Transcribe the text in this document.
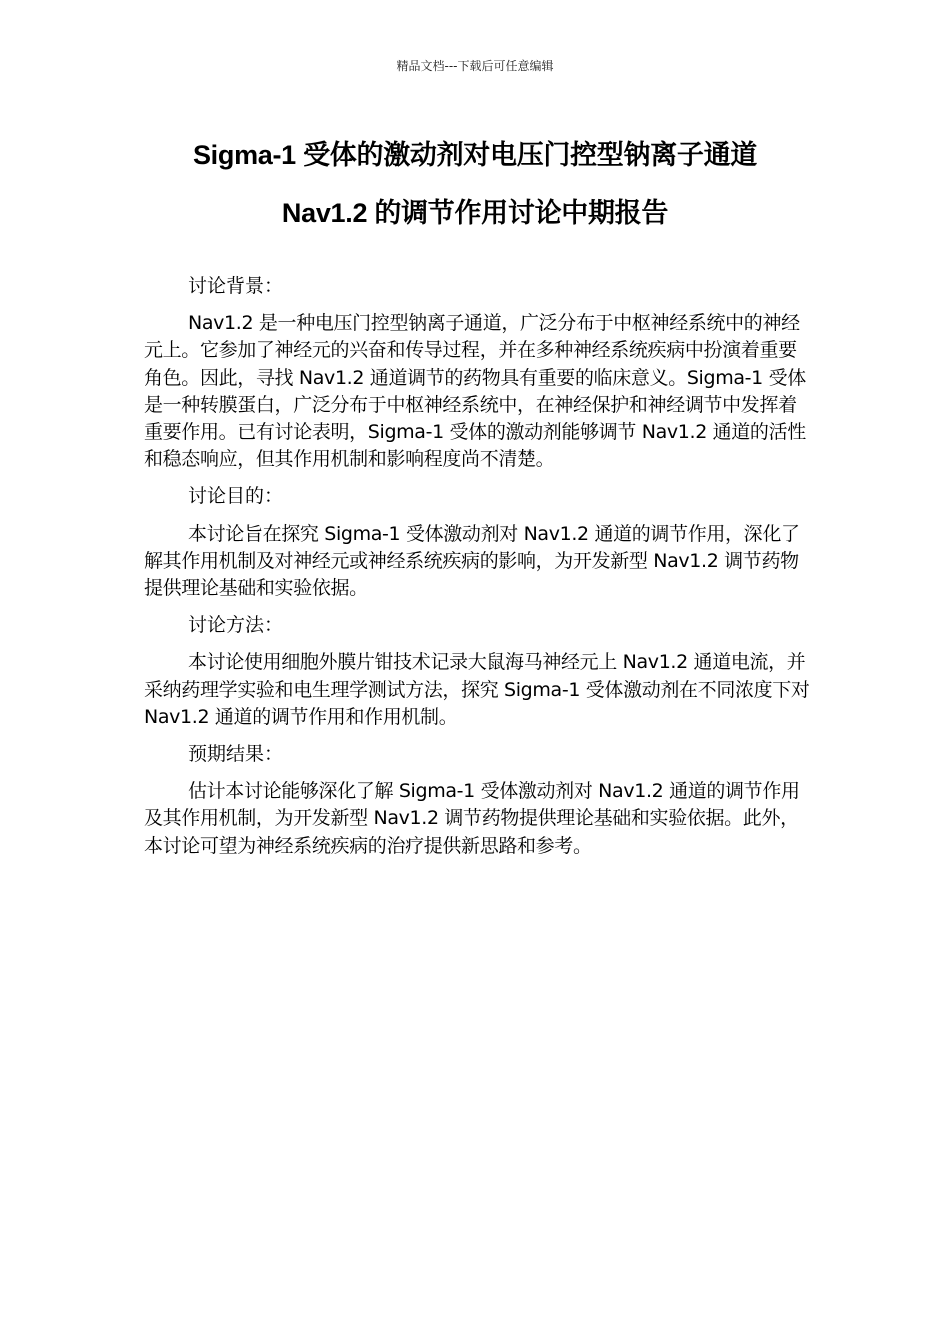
精品文档---下载后可任意编辑
Sigma-1 受体的激动剂对电压门控型钠离子通道
Nav1.2 的调节作用讨论中期报告

讨论背景：

Nav1.2 是一种电压门控型钠离子通道，广泛分布于中枢神经系统中的神经元上。它参加了神经元的兴奋和传导过程，并在多种神经系统疾病中扮演着重要角色。因此，寻找 Nav1.2 通道调节的药物具有重要的临床意义。Sigma-1 受体是一种转膜蛋白，广泛分布于中枢神经系统中，在神经保护和神经调节中发挥着重要作用。已有讨论表明，Sigma-1 受体的激动剂能够调节 Nav1.2 通道的活性和稳态响应，但其作用机制和影响程度尚不清楚。

讨论目的：

本讨论旨在探究 Sigma-1 受体激动剂对 Nav1.2 通道的调节作用，深化了解其作用机制及对神经元或神经系统疾病的影响，为开发新型 Nav1.2 调节药物提供理论基础和实验依据。

讨论方法：

本讨论使用细胞外膜片钳技术记录大鼠海马神经元上 Nav1.2 通道电流，并采纳药理学实验和电生理学测试方法，探究 Sigma-1 受体激动剂在不同浓度下对 Nav1.2 通道的调节作用和作用机制。

预期结果：

估计本讨论能够深化了解 Sigma-1 受体激动剂对 Nav1.2 通道的调节作用及其作用机制，为开发新型 Nav1.2 调节药物提供理论基础和实验依据。此外，本讨论可望为神经系统疾病的治疗提供新思路和参考。
